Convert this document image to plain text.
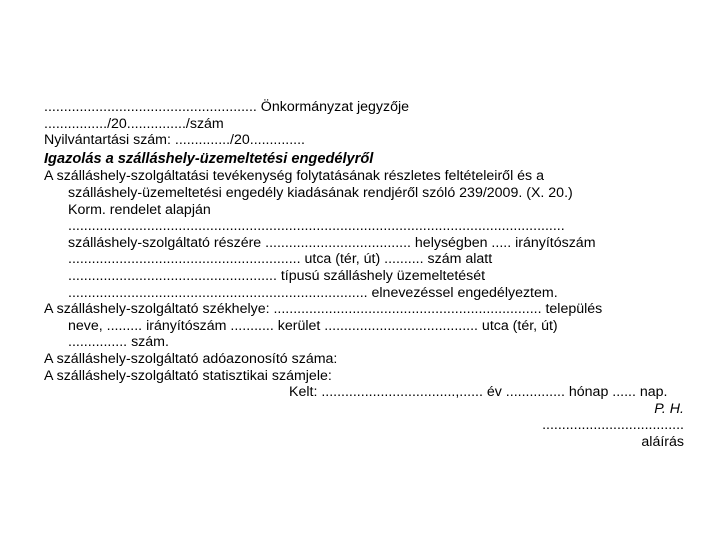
...................................................... Önkormányzat jegyzője
................/20.............../szám
Nyilvántartási szám: ............../20..............
Igazolás a szálláshely-üzemeltetési engedélyről
A szálláshely-szolgáltatási tevékenység folytatásának részletes feltételeiről és a
szálláshely-üzemeltetési engedély kiadásának rendjéről szóló 239/2009. (X. 20.)
Korm. rendelet alapján
..............................................................................................................................
szálláshely-szolgáltató részére ..................................... helységben ..... irányítószám
........................................................... utca (tér, út) .......... szám alatt
..................................................... típusú szálláshely üzemeltetését
............................................................................ elnevezéssel engedélyeztem.
A szálláshely-szolgáltató székhelye: .................................................................... település
neve, ......... irányítószám ........... kerület ....................................... utca (tér, út)
............... szám.
A szálláshely-szolgáltató adóazonosító száma:
A szálláshely-szolgáltató statisztikai számjele:
Kelt: ..................................,...... év ............... hónap ...... nap.
P. H.
....................................
aláírás
